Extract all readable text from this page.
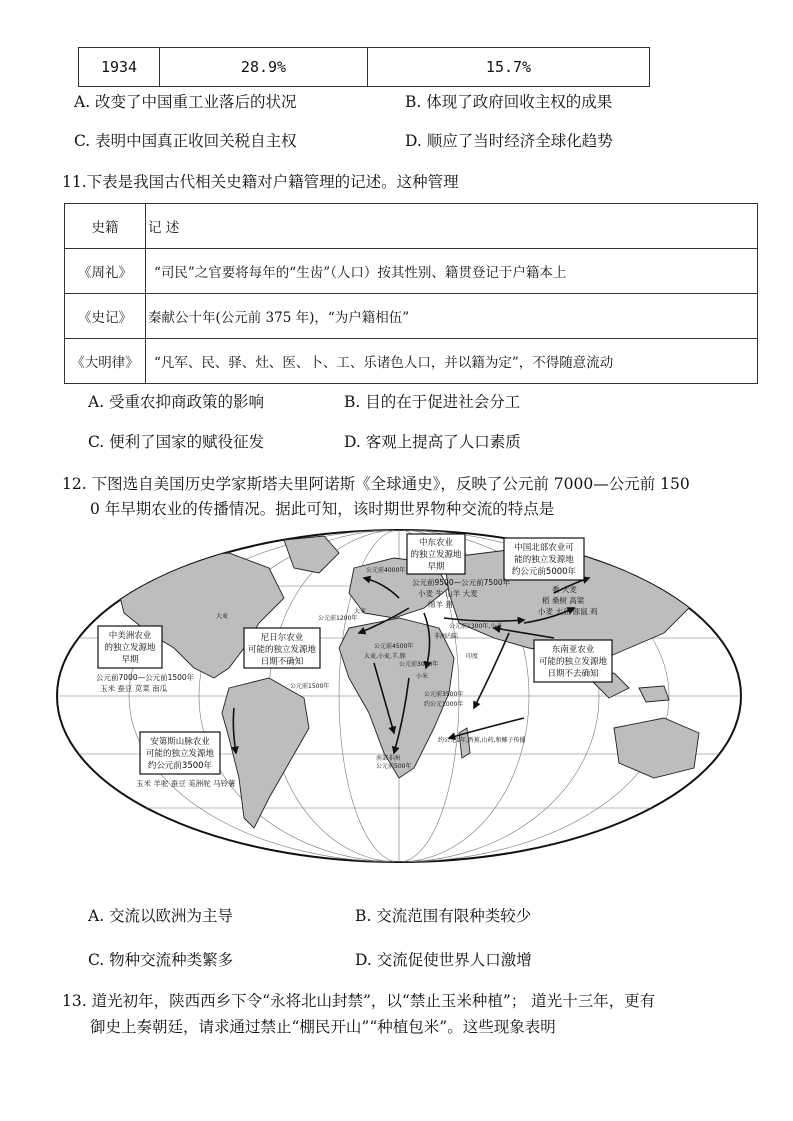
1934	28.9%	15.7%
A. 改变了中国重工业落后的状况	B. 体现了政府回收主权的成果
C. 表明中国真正收回关税自主权	D. 顺应了当时经济全球化趋势
11.下表是我国古代相关史籍对户籍管理的记述。这种管理
史籍	记 述
《周礼》	“司民”之官要将每年的“生齿”（人口）按其性别、籍贯登记于户籍本上
《史记》	秦献公十年(公元前 375 年)，“为户籍相伍”
《大明律》	“凡军、民、驿、灶、医、卜、工、乐诸色人口，并以籍为定”，不得随意流动
A. 受重农抑商政策的影响	B. 目的在于促进社会分工
C. 便利了国家的赋役征发	D. 客观上提高了人口素质
12. 下图选自美国历史学家斯塔夫里阿诺斯《全球通史》，反映了公元前 7000—公元前 150
0 年早期农业的传播情况。据此可知，该时期世界物种交流的特点是
中东农业
的独立发源地
早期
中国北部农业可
能的独立发源地
约公元前5000年
中美洲农业
的独立发源地
早期
尼日尔农业
可能的独立发源地
日期不确知
东南亚农业
可能的独立发源地
日期不去确知
安第斯山脉农业
可能的独立发源地
约公元前3500年
公元前7000—公元前1500年
玉米 蚕豆 苋菜 南瓜
玉米 羊驼 蚕豆 美洲驼 马铃薯
公元前9500—公元前7500年
小麦 牛 山羊 大麦
绵羊 猪
黍 大麦
稻 桑树 高粱
小麦 大豆 豚鼠 鸡
公元前4000年
公元前1200年
大麦
公元前1500年
公元前4500年
大麦,小麦,羊,豚
大麦
小米
公元前3000年
非洲内陆
公元前3500年
约公元1000年
南部非洲
公元前500年
公元前1300年,小麦
印度
约公元1年,香蕉,山药,和椰子传播
A. 交流以欧洲为主导	B. 交流范围有限种类较少
C. 物种交流种类繁多	D. 交流促使世界人口激增
13. 道光初年，陕西西乡下令“永将北山封禁”，以“禁止玉米种植”； 道光十三年，更有
御史上奏朝廷，请求通过禁止“棚民开山”“种植包米”。这些现象表明
